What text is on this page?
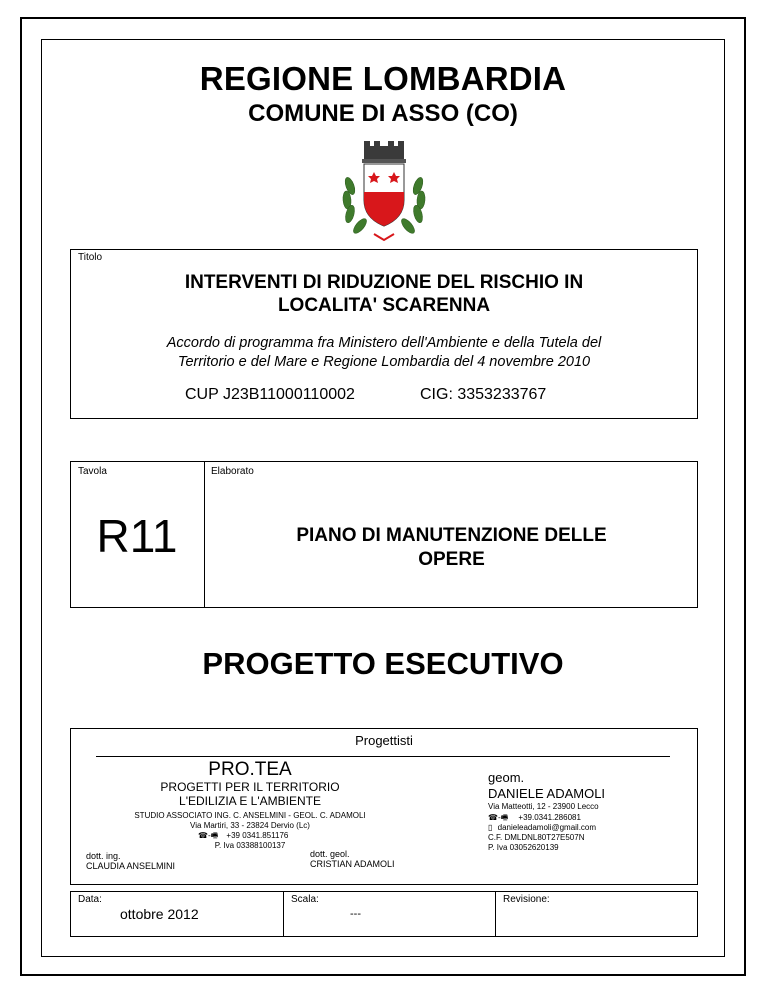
REGIONE LOMBARDIA
COMUNE DI ASSO (CO)
Titolo
INTERVENTI DI RIDUZIONE DEL RISCHIO IN
LOCALITA' SCARENNA
Accordo di programma fra Ministero dell'Ambiente e della Tutela del
Territorio e del Mare e Regione Lombardia del 4 novembre 2010
CUP J23B11000110002	CIG: 3353233767
Tavola	Elaborato
R11	PIANO DI MANUTENZIONE DELLE
OPERE
PROGETTO ESECUTIVO
Progettisti
PRO.TEA
PROGETTI PER IL TERRITORIO
L'EDILIZIA E L'AMBIENTE
STUDIO ASSOCIATO ING. C. ANSELMINI - GEOL. C. ADAMOLI
Via Martiri, 33 - 23824 Dervio (Lc)
☎-🖷 +39 0341.851176
P. Iva 03388100137
dott. ing.
CLAUDIA ANSELMINI
dott. geol.
CRISTIAN ADAMOLI
geom.
DANIELE ADAMOLI
Via Matteotti, 12 - 23900 Lecco
☎-🖷 +39.0341.286081
▯ danieleadamoli@gmail.com
C.F. DMLDNL80T27E507N
P. Iva 03052620139
Data:
ottobre 2012
Scala:
---
Revisione:
